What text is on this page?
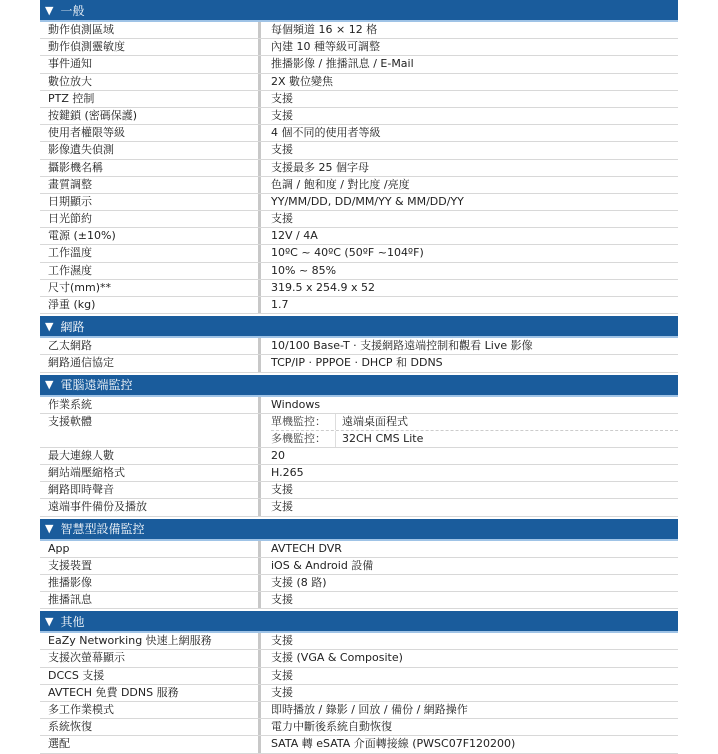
▼ 一般
動作偵測區域	每個頻道 16 × 12 格
動作偵測靈敏度	內建 10 種等級可調整
事件通知	推播影像 / 推播訊息 / E-Mail
數位放大	2X 數位變焦
PTZ 控制	支援
按鍵鎖 (密碼保護)	支援
使用者權限等級	4 個不同的使用者等級
影像遺失偵測	支援
攝影機名稱	支援最多 25 個字母
畫質調整	色調 / 飽和度 / 對比度 /亮度
日期顯示	YY/MM/DD, DD/MM/YY & MM/DD/YY
日光節約	支援
電源 (±10%)	12V / 4A
工作溫度	10ºC ~ 40ºC (50ºF ~104ºF)
工作濕度	10% ~ 85%
尺寸(mm)**	319.5 x 254.9 x 52
淨重 (kg)	1.7
▼ 網路
乙太網路	10/100 Base-T · 支援網路遠端控制和觀看 Live 影像
網路通信協定	TCP/IP · PPPOE · DHCP 和 DDNS
▼ 電腦遠端監控
作業系統	Windows
支援軟體	單機監控：	遠端桌面程式
多機監控：	32CH CMS Lite
最大連線人數	20
網站端壓縮格式	H.265
網路即時聲音	支援
遠端事件備份及播放	支援
▼ 智慧型設備監控
App	AVTECH DVR
支援裝置	iOS & Android 設備
推播影像	支援 (8 路)
推播訊息	支援
▼ 其他
EaZy Networking 快速上網服務	支援
支援次螢幕顯示	支援 (VGA & Composite)
DCCS 支援	支援
AVTECH 免費 DDNS 服務	支援
多工作業模式	即時播放 / 錄影 / 回放 / 備份 / 網路操作
系統恢復	電力中斷後系統自動恢復
選配	SATA 轉 eSATA 介面轉接線 (PWSC07F120200)
